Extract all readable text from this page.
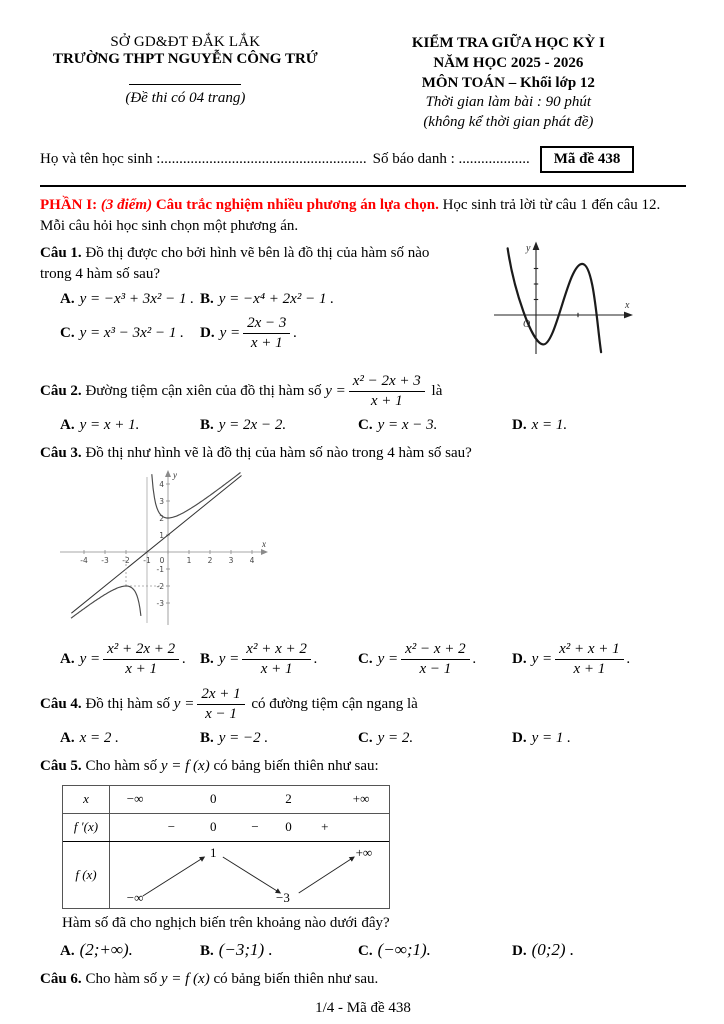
SỞ GD&ĐT ĐẮK LẮK
TRƯỜNG THPT NGUYỄN CÔNG TRỨ
(Đề thi có 04 trang)
KIỂM TRA GIỮA HỌC KỲ I
NĂM HỌC 2025 - 2026
MÔN TOÁN – Khối lớp 12
Thời gian làm bài : 90 phút
(không kể thời gian phát đề)
Họ và tên học sinh :....................................................... Số báo danh : ...................	Mã đề 438
PHẦN I: (3 điểm) Câu trắc nghiệm nhiều phương án lựa chọn. Học sinh trả lời từ câu 1 đến câu 12. Mỗi câu hỏi học sinh chọn một phương án.
Câu 1. Đồ thị được cho bởi hình vẽ bên là đồ thị của hàm số nào trong 4 hàm số sau?
A. y = −x³ + 3x² − 1 . B. y = −x⁴ + 2x² − 1 .
C. y = x³ − 3x² − 1 .	D. $y = \frac{2x - 3}{x + 1}$ .
y
x
O
Câu 2. Đường tiệm cận xiên của đồ thị hàm số $y = \frac{\text{x² − 2x + 3}}{x + 1}$ là
A. y = x + 1.	B. y = 2x − 2.	C. y = x − 3.	D. x = 1.
Câu 3. Đồ thị như hình vẽ là đồ thị của hàm số nào trong 4 hàm số sau?
y
x
-4 -3 -2 -1 0	1 2 3 4
-3
-2
-1
1
2
3
4
A. $y = \frac{\text{x² + 2x + 2}}{x + 1}$ . B. $y = \frac{\text{x² + x + 2}}{x + 1}$ .	C. $y = \frac{\text{x² − x + 2}}{x - 1}$ .	D. $y = \frac{\text{x² + x + 1}}{x + 1}$ .
Câu 4. Đồ thị hàm số $y = \frac{2x + 1}{x - 1}$ có đường tiệm cận ngang là
A. x = 2 .	B. y = −2 .	C. y = 2.	D. y = 1 .
Câu 5. Cho hàm số y = f (x) có bảng biến thiên như sau:
x	−∞	0	2	+∞
f ′(x)	−	0	− 0 +
f (x)
1	+∞
−∞	−3
Hàm số đã cho nghịch biến trên khoảng nào dưới đây?
A. (2;+∞).	B. (−3;1) .	C. (−∞;1).	D. (0;2) .
Câu 6. Cho hàm số y = f (x) có bảng biến thiên như sau.
1/4 - Mã đề 438
